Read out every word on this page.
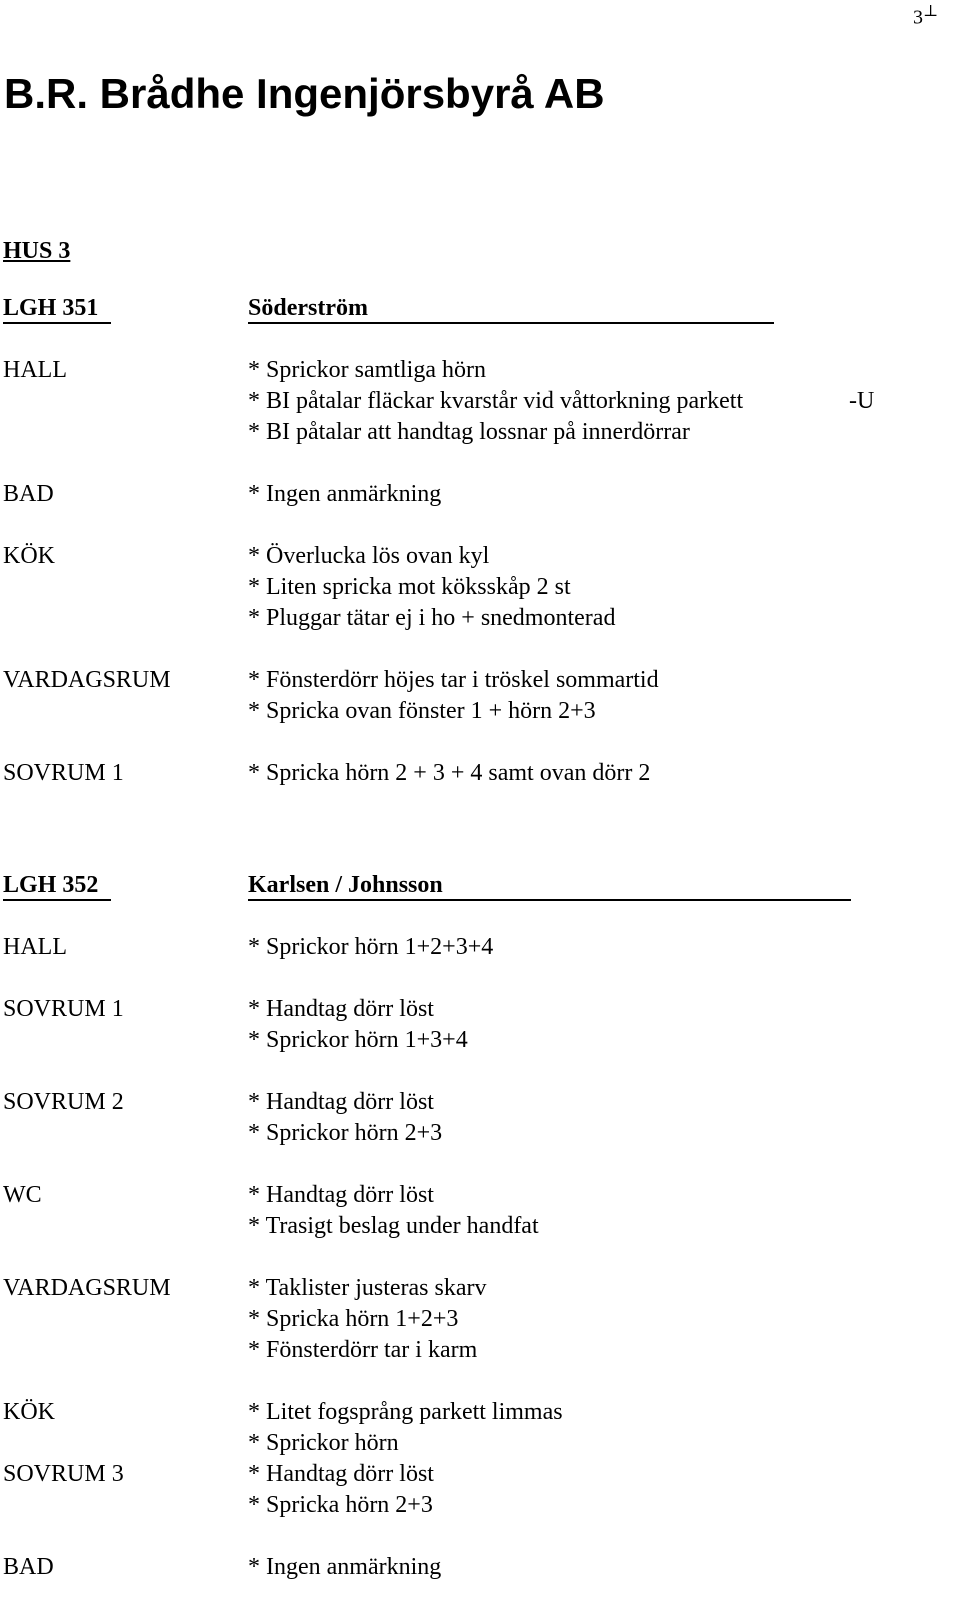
3⊥
B.R. Brådhe Ingenjörsbyrå AB
HUS 3
LGH 351	Söderström
HALL	* Sprickor samtliga hörn
* BI påtalar fläckar kvarstår vid våttorkning parkett
* BI påtalar att handtag lossnar på innerdörrar
-U
BAD	* Ingen anmärkning
KÖK	* Överlucka lös ovan kyl
* Liten spricka mot köksskåp 2 st
* Pluggar tätar ej i ho + snedmonterad
VARDAGSRUM	* Fönsterdörr höjes tar i tröskel sommartid
* Spricka ovan fönster 1 + hörn 2+3
SOVRUM 1	* Spricka hörn 2 + 3 + 4 samt ovan dörr 2
LGH 352	Karlsen / Johnsson
HALL	* Sprickor hörn 1+2+3+4
SOVRUM 1	* Handtag dörr löst
* Sprickor hörn 1+3+4
SOVRUM 2	* Handtag dörr löst
* Sprickor hörn 2+3
WC	* Handtag dörr löst
* Trasigt beslag under handfat
VARDAGSRUM	* Taklister justeras skarv
* Spricka hörn 1+2+3
* Fönsterdörr tar i karm
KÖK	* Litet fogsprång parkett limmas
* Sprickor hörn
SOVRUM 3	* Handtag dörr löst
* Spricka hörn 2+3
BAD	* Ingen anmärkning
